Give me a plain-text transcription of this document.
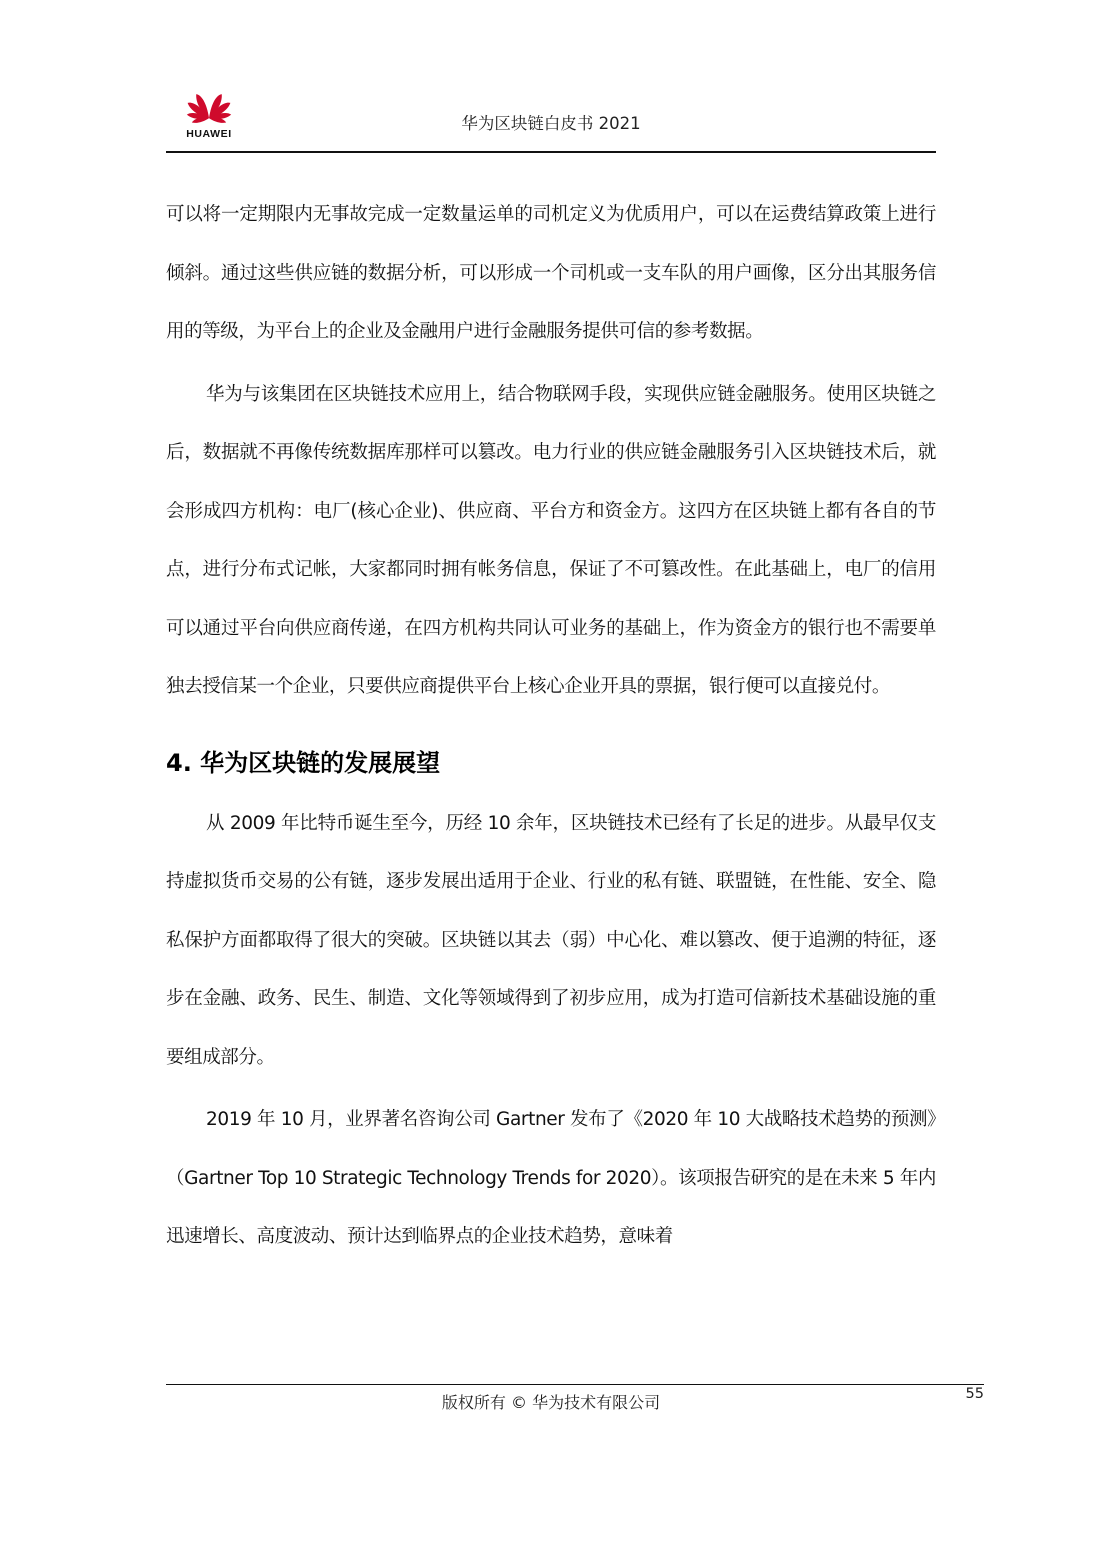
HUAWEI
华为区块链白皮书 2021

可以将一定期限内无事故完成一定数量运单的司机定义为优质用户，可以在运费结算政策上进行倾斜。通过这些供应链的数据分析，可以形成一个司机或一支车队的用户画像，区分出其服务信用的等级，为平台上的企业及金融用户进行金融服务提供可信的参考数据。

华为与该集团在区块链技术应用上，结合物联网手段，实现供应链金融服务。使用区块链之后，数据就不再像传统数据库那样可以篡改。电力行业的供应链金融服务引入区块链技术后，就会形成四方机构：电厂(核心企业)、供应商、平台方和资金方。这四方在区块链上都有各自的节点，进行分布式记帐，大家都同时拥有帐务信息，保证了不可篡改性。在此基础上，电厂的信用可以通过平台向供应商传递，在四方机构共同认可业务的基础上，作为资金方的银行也不需要单独去授信某一个企业，只要供应商提供平台上核心企业开具的票据，银行便可以直接兑付。

4. 华为区块链的发展展望

从 2009 年比特币诞生至今，历经 10 余年，区块链技术已经有了长足的进步。从最早仅支持虚拟货币交易的公有链，逐步发展出适用于企业、行业的私有链、联盟链，在性能、安全、隐私保护方面都取得了很大的突破。区块链以其去（弱）中心化、难以篡改、便于追溯的特征，逐步在金融、政务、民生、制造、文化等领域得到了初步应用，成为打造可信新技术基础设施的重要组成部分。

2019 年 10 月，业界著名咨询公司 Gartner 发布了《2020 年 10 大战略技术趋势的预测》（Gartner Top 10 Strategic Technology Trends for 2020）。该项报告研究的是在未来 5 年内迅速增长、高度波动、预计达到临界点的企业技术趋势，意味着

版权所有 © 华为技术有限公司	55
